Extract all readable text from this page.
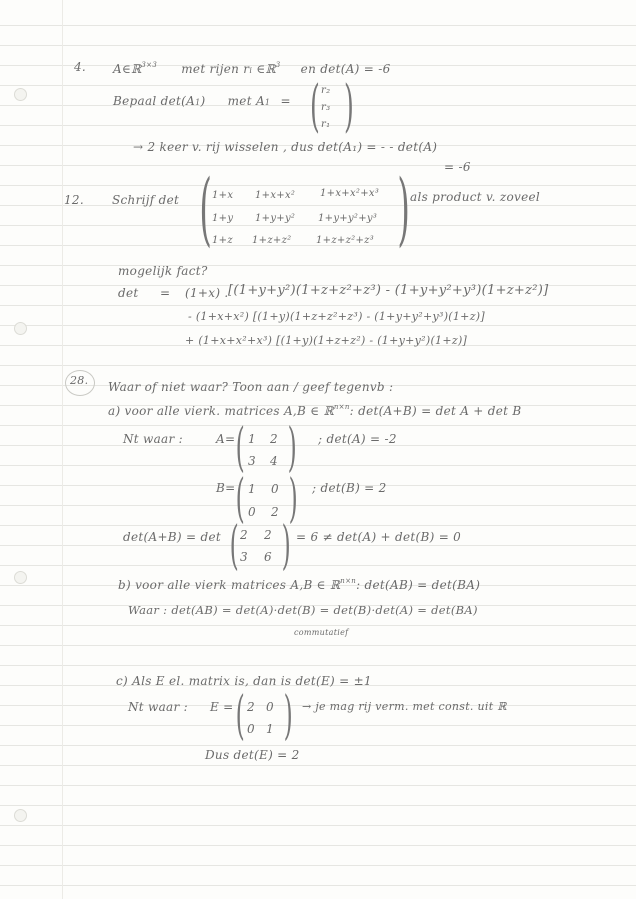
4. A∈ℝ$^{3\times 3}$ met rijen ri ∈ℝ$^3$ en det(A) = -6
Bepaal det(A1) met A1 = ( r₂
r₃
r₁ )
→ 2 keer v. rij wisselen , dus det(A₁) = - - det(A)
= -6
12. Schrijf det ( 1+x 1+x+x² 1+x+x²+x³
1+y 1+y+y² 1+y+y²+y³
1+z 1+z+z² 1+z+z²+z³ ) als product v. zoveel
mogelijk fact?
det = (1+x) . [(1+y+y²)(1+z+z²+z³) - (1+y+y²+y³)(1+z+z²)]
- (1+x+x²) [(1+y)(1+z+z²+z³) - (1+y+y²+y³)(1+z)]
+ (1+x+x²+x³) [(1+y)(1+z+z²) - (1+y+y²)(1+z)]
28. Waar of niet waar? Toon aan / geef tegenvb :
a) voor alle vierk. matrices A,B ∈ ℝ$^{n\times n}$: det(A+B) = det A + det B
Nt waar :	A= ( 1 2
3 4 ) ; det(A) = -2
B= ( 1 0
0 2 ) ; det(B) = 2
det(A+B) = det ( 2 2
3 6 ) = 6 ≠ det(A) + det(B) = 0
b) voor alle vierk matrices A,B ∈ ℝ$^{n\times n}$: det(AB) = det(BA)
Waar : det(AB) = det(A)·det(B) = det(B)·det(A) = det(BA)
commutatief
c) Als E el. matrix is, dan is det(E) = ±1
Nt waar : E = ( 2 0
0 1 ) → je mag rij verm. met const. uit ℝ
Dus det(E) = 2
